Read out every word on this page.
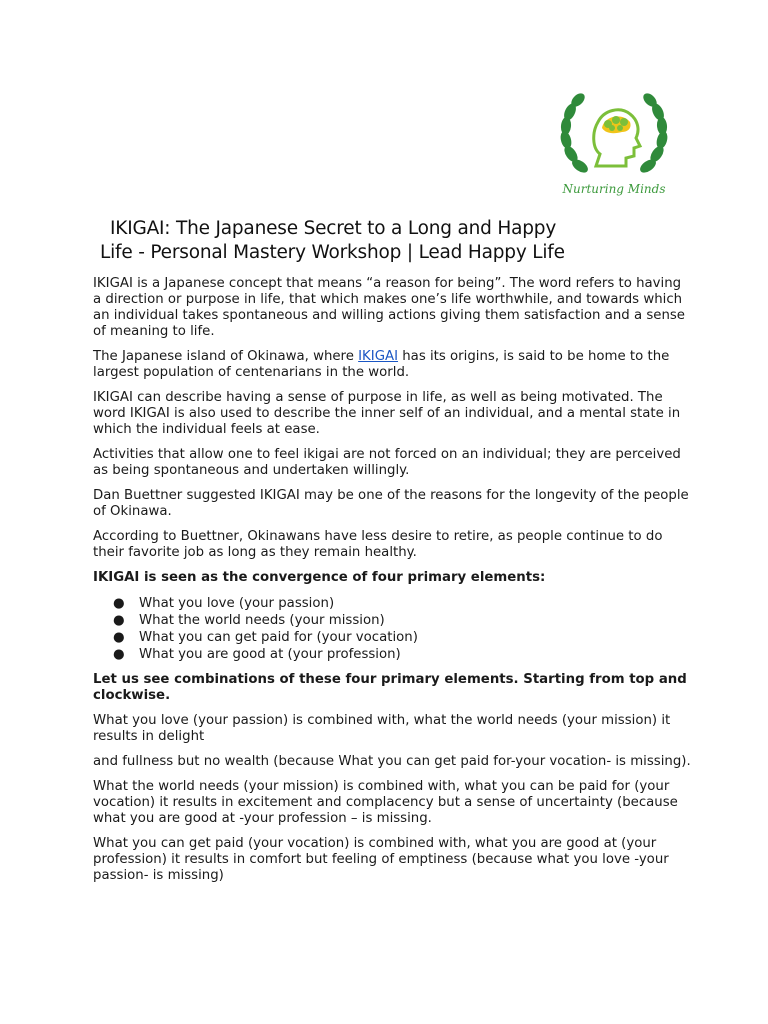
Nurturing Minds
IKIGAI: The Japanese Secret to a Long and Happy
Life - Personal Mastery Workshop | Lead Happy Life

IKIGAI is a Japanese concept that means “a reason for being”. The word refers to having a direction or purpose in life, that which makes one’s life worthwhile, and towards which an individual takes spontaneous and willing actions giving them satisfaction and a sense of meaning to life.

The Japanese island of Okinawa, where IKIGAI has its origins, is said to be home to the largest population of centenarians in the world.

IKIGAI can describe having a sense of purpose in life, as well as being motivated. The word IKIGAI is also used to describe the inner self of an individual, and a mental state in which the individual feels at ease.

Activities that allow one to feel ikigai are not forced on an individual; they are perceived as being spontaneous and undertaken willingly.

Dan Buettner suggested IKIGAI may be one of the reasons for the longevity of the people of Okinawa.

According to Buettner, Okinawans have less desire to retire, as people continue to do their favorite job as long as they remain healthy.

IKIGAI is seen as the convergence of four primary elements:

● What you love (your passion)
● What the world needs (your mission)
● What you can get paid for (your vocation)
● What you are good at (your profession)

Let us see combinations of these four primary elements. Starting from top and clockwise.

What you love (your passion) is combined with, what the world needs (your mission) it results in delight

and fullness but no wealth (because What you can get paid for-your vocation- is missing).

What the world needs (your mission) is combined with, what you can be paid for (your vocation) it results in excitement and complacency but a sense of uncertainty (because what you are good at -your profession – is missing.

What you can get paid (your vocation) is combined with, what you are good at (your profession) it results in comfort but feeling of emptiness (because what you love -your passion- is missing)
